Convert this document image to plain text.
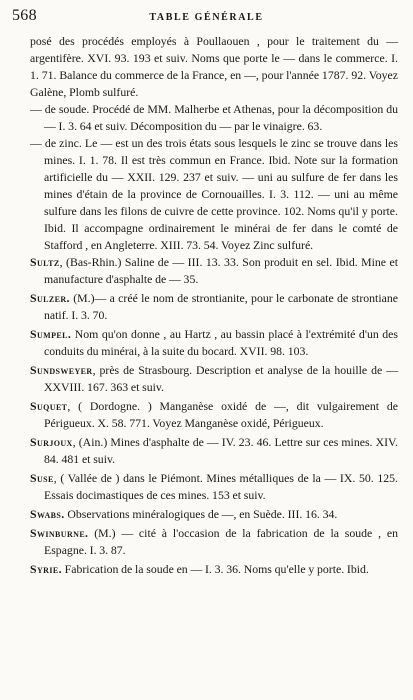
568	TABLE GÉNÉRALE

posé des procédés employés à Poullaouen , pour le traitement du — argentifère. XVI. 93. 193 et suiv. Noms que porte le — dans le commerce. I. 1. 71. Balance du commerce de la France, en —, pour l'année 1787. 92. Voyez Galène, Plomb sulfuré.

— de soude. Procédé de MM. Malherbe et Athenas, pour la décomposition du — I. 3. 64 et suiv. Décomposition du — par le vinaigre. 63.

— de zinc. Le — est un des trois états sous lesquels le zinc se trouve dans les mines. I. 1. 78. Il est très commun en France. Ibid. Note sur la formation artificielle du — XXII. 129. 237 et suiv. — uni au sulfure de fer dans les mines d'étain de la province de Cornouailles. I. 3. 112. — uni au même sulfure dans les filons de cuivre de cette province. 102. Noms qu'il y porte. Ibid. Il accompagne ordinairement le minérai de fer dans le comté de Stafford , en Angleterre. XIII. 73. 54. Voyez Zinc sulfuré.

Sultz, (Bas-Rhin.) Saline de — III. 13. 33. Son produit en sel. Ibid. Mine et manufacture d'asphalte de — 35.

Sulzer. (M.)— a créé le nom de strontianite, pour le carbonate de strontiane natif. I. 3. 70.

Sumpel. Nom qu'on donne , au Hartz , au bassin placé à l'extrémité d'un des conduits du minérai, à la suite du bocard. XVII. 98. 103.

Sundsweyer, près de Strasbourg. Description et analyse de la houille de — XXVIII. 167. 363 et suiv.

Suquet, ( Dordogne. ) Manganèse oxidé de —, dit vulgairement de Périgueux. X. 58. 771. Voyez Manganèse oxidé, Périgueux.

Surjoux, (Ain.) Mines d'asphalte de — IV. 23. 46. Lettre sur ces mines. XIV. 84. 481 et suiv.

Suse, ( Vallée de ) dans le Piémont. Mines métalliques de la — IX. 50. 125. Essais docimastiques de ces mines. 153 et suiv.

Swabs. Observations minéralogiques de —, en Suède. III. 16. 34.

Swinburne. (M.) — cité à l'occasion de la fabrication de la soude , en Espagne. I. 3. 87.

Syrie. Fabrication de la soude en — I. 3. 36. Noms qu'elle y porte. Ibid.
